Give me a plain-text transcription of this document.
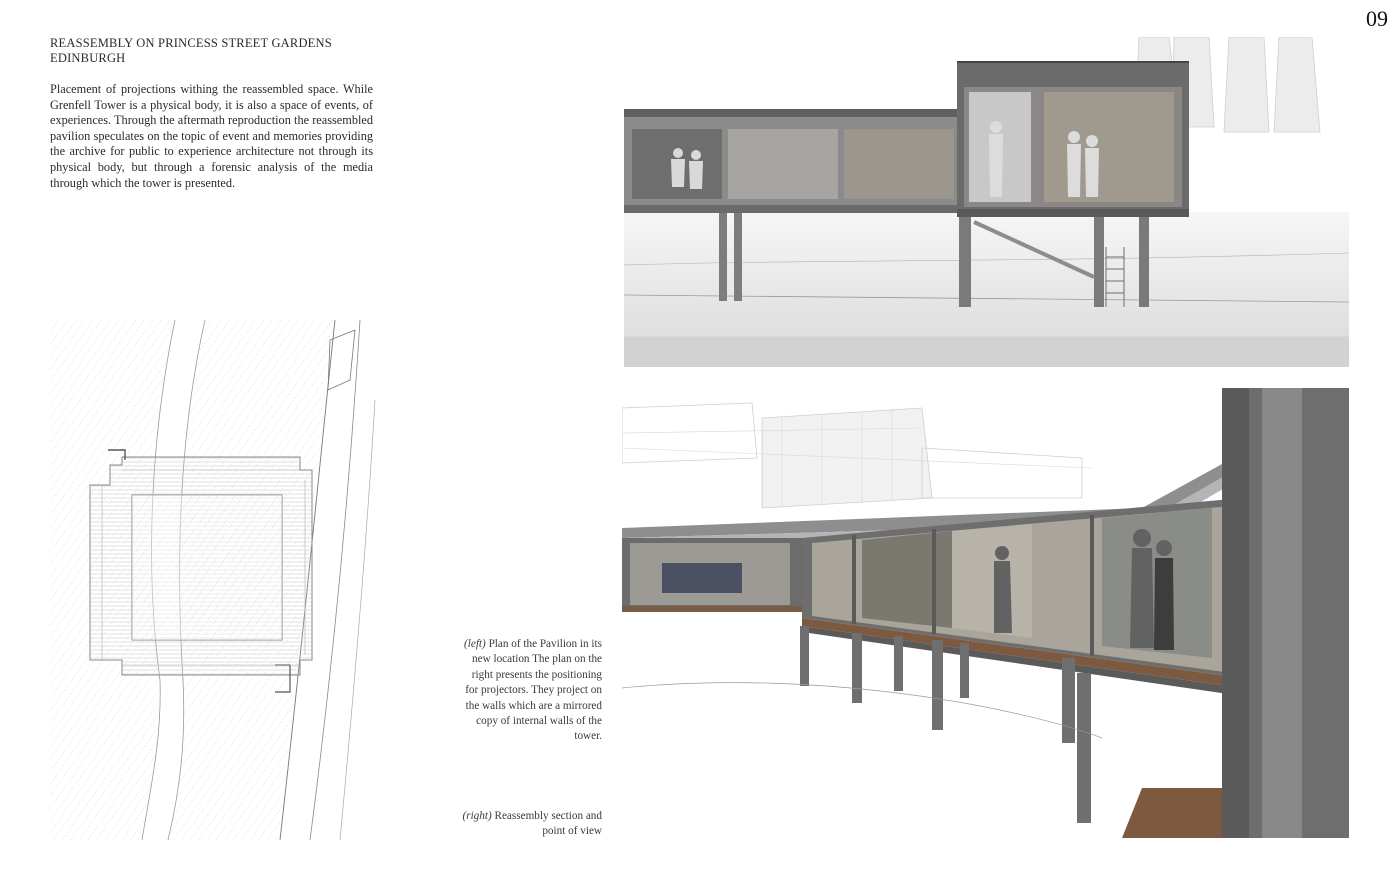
09
REASSEMBLY ON PRINCESS STREET GARDENS
EDINBURGH
Placement of projections withing the reassembled space. While Grenfell Tower is a physical body, it is also a space of events, of experiences. Through the aftermath reproduction the reassembled pavilion speculates on the topic of event and memories providing the archive for public to experience architecture not through its physical body, but through a forensic analysis of the media through which the tower is presented.
(left) Plan of the Pavilion in its new location The plan on the right presents the positioning for projectors. They project on the walls which are a mirrored copy of internal walls of the tower.
(right) Reassembly section and point of view
